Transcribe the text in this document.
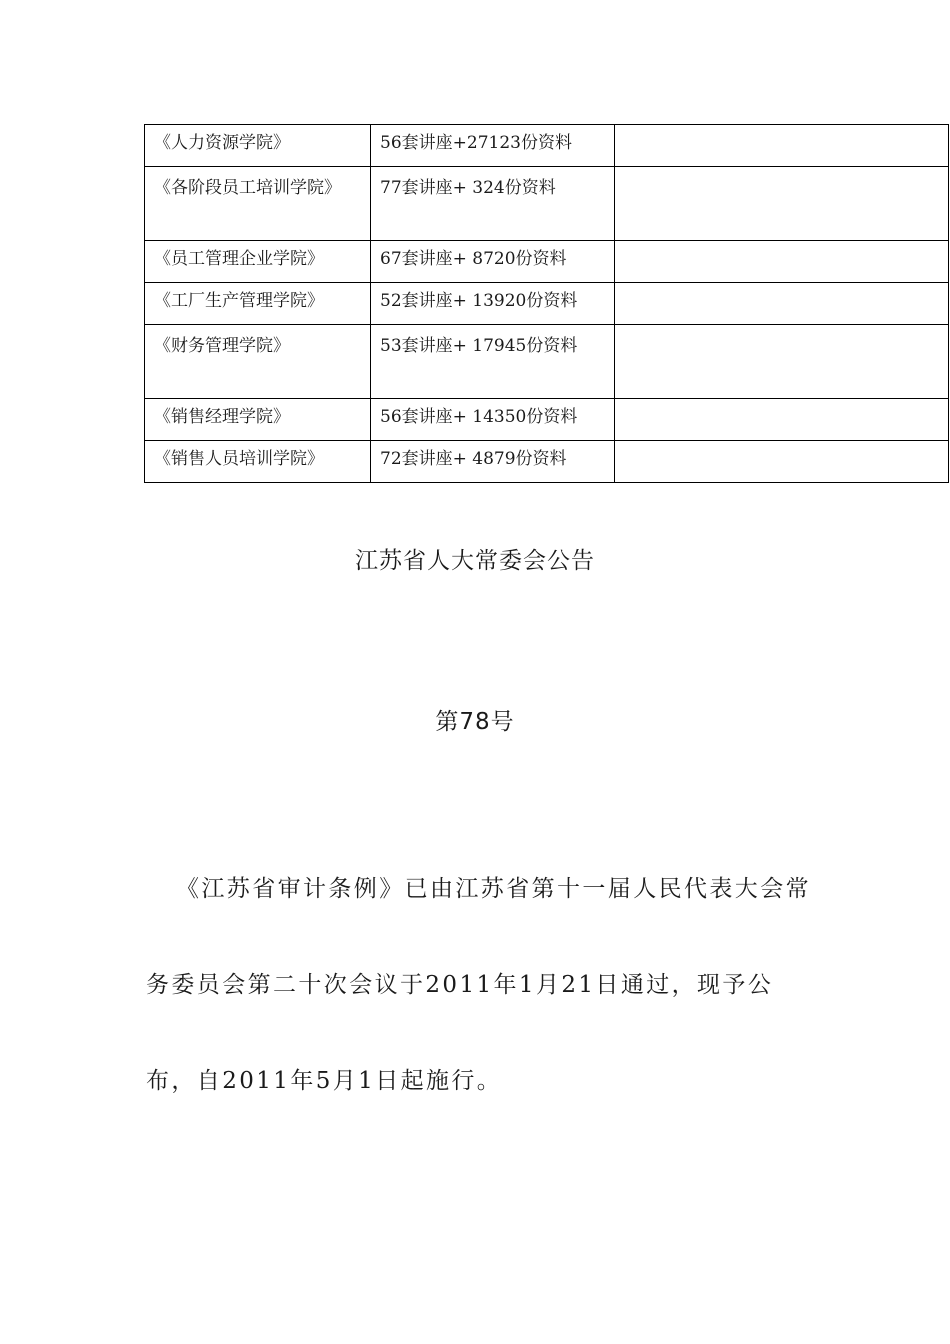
《人力资源学院》	56套讲座+27123份资料	
《各阶段员工培训学院》	77套讲座+ 324份资料	
《员工管理企业学院》	67套讲座+ 8720份资料	
《工厂生产管理学院》	52套讲座+ 13920份资料	
《财务管理学院》	53套讲座+ 17945份资料	
《销售经理学院》	56套讲座+ 14350份资料	
《销售人员培训学院》	72套讲座+ 4879份资料	
江苏省人大常委会公告
第78号

《江苏省审计条例》已由江苏省第十一届人民代表大会常务委员会第二十次会议于2011年1月21日通过，现予公布，自2011年5月1日起施行。
